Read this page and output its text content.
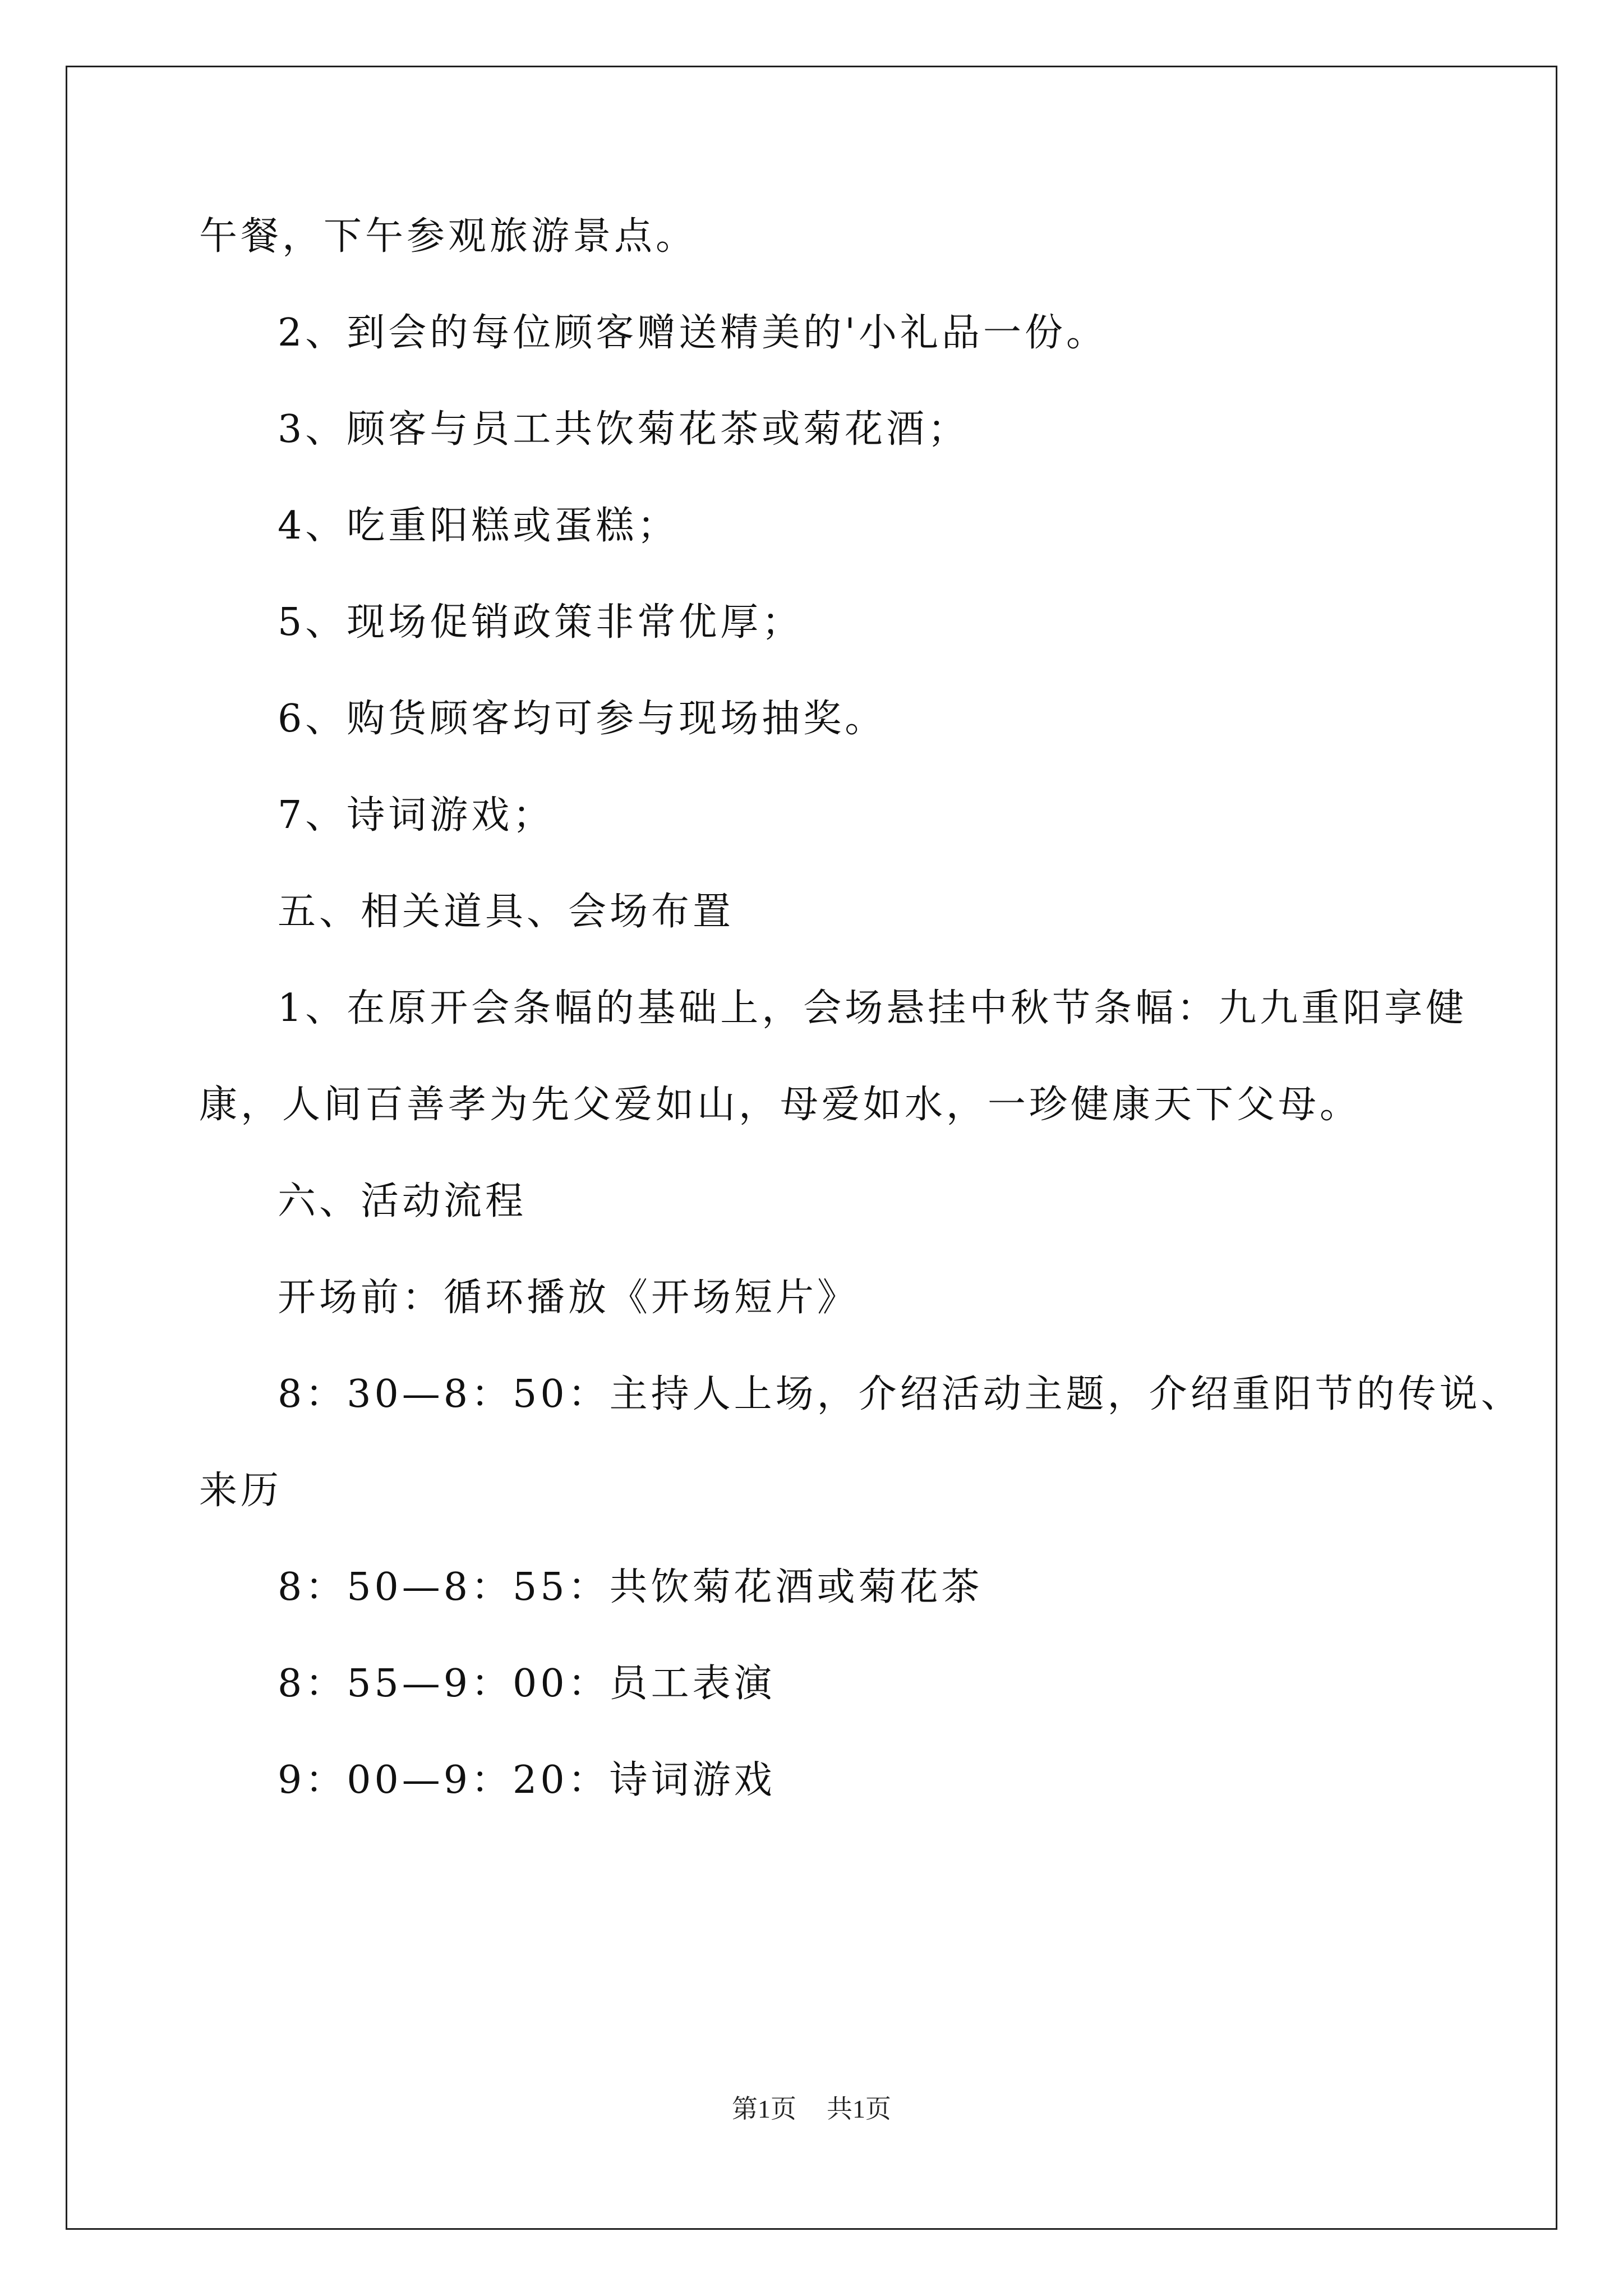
午餐，下午参观旅游景点。
2、到会的每位顾客赠送精美的'小礼品一份。
3、顾客与员工共饮菊花茶或菊花酒；
4、吃重阳糕或蛋糕；
5、现场促销政策非常优厚；
6、购货顾客均可参与现场抽奖。
7、诗词游戏；
五、相关道具、会场布置
1、在原开会条幅的基础上，会场悬挂中秋节条幅：九九重阳享健
康，人间百善孝为先父爱如山，母爱如水，一珍健康天下父母。
六、活动流程
开场前：循环播放《开场短片》
8：30—8：50：主持人上场，介绍活动主题，介绍重阳节的传说、
来历
8：50—8：55：共饮菊花酒或菊花茶
8：55—9：00：员工表演
9：00—9：20：诗词游戏
第1页 共1页
